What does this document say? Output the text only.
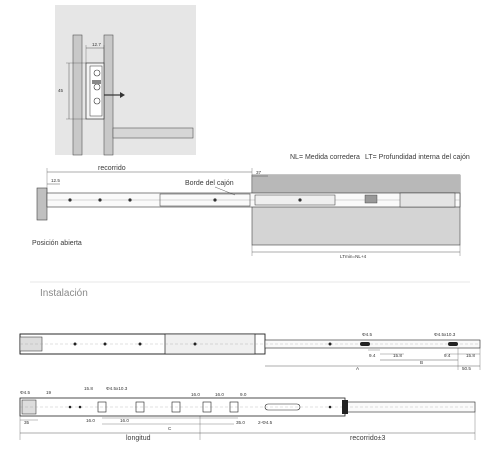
12.7
45
recorrido
Borde del cajón
NL= Medida corredera LT= Profundidad interna del cajón
12.5
37
LTmin=NL+4
Posición abierta
Instalación
Φ4.5	Φ4.5x10.3
9.4	15.8	9.4	15.8
B
A	50.5
Φ4.5	19
15.8	Φ4.5x10.3
16.0	16.0	9.0
35	16.0	16.0	35.0
C
2-Φ4.5
longitud	recorrido±3
